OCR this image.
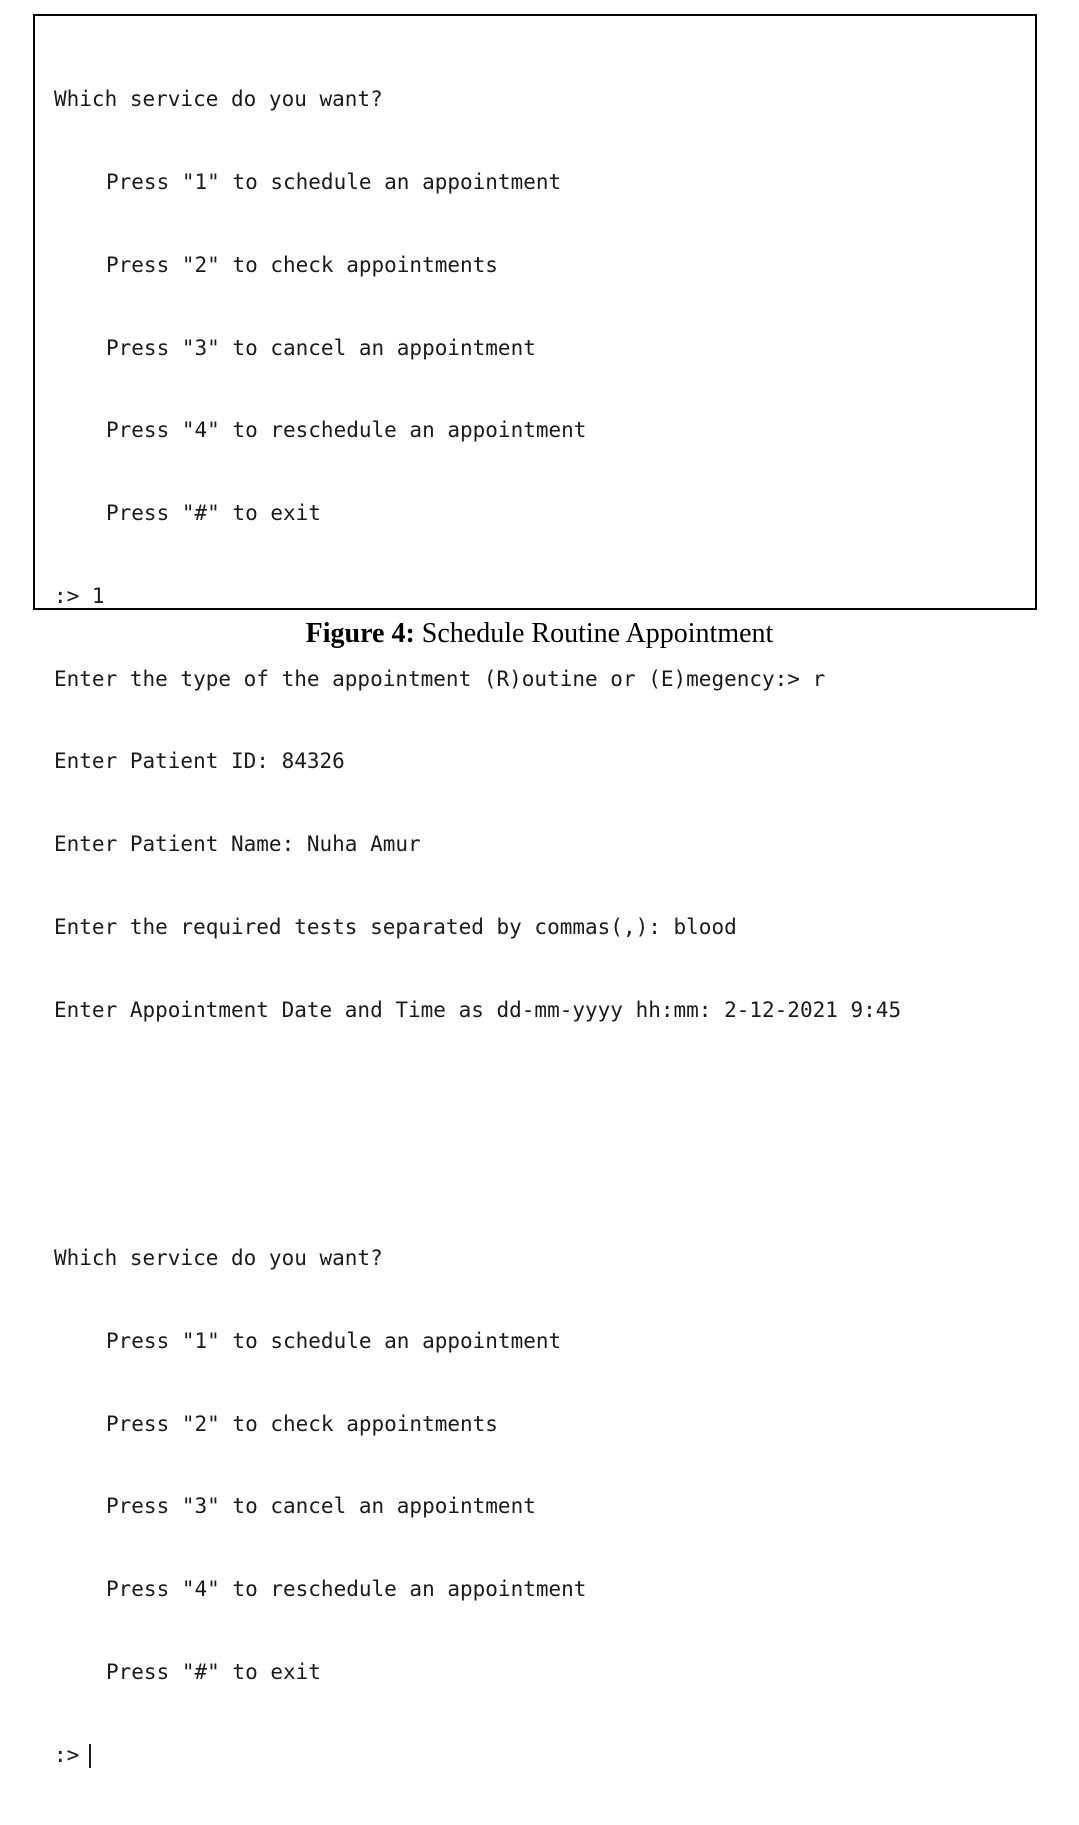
Which service do you want?

Press "1" to schedule an appointment

Press "2" to check appointments

Press "3" to cancel an appointment

Press "4" to reschedule an appointment

Press "#" to exit

:> 1

Enter the type of the appointment (R)outine or (E)megency:> r

Enter Patient ID: 84326

Enter Patient Name: Nuha Amur

Enter the required tests separated by commas(,): blood

Enter Appointment Date and Time as dd-mm-yyyy hh:mm: 2-12-2021 9:45

Which service do you want?

Press "1" to schedule an appointment

Press "2" to check appointments

Press "3" to cancel an appointment

Press "4" to reschedule an appointment

Press "#" to exit

:>

Figure 4: Schedule Routine Appointment
